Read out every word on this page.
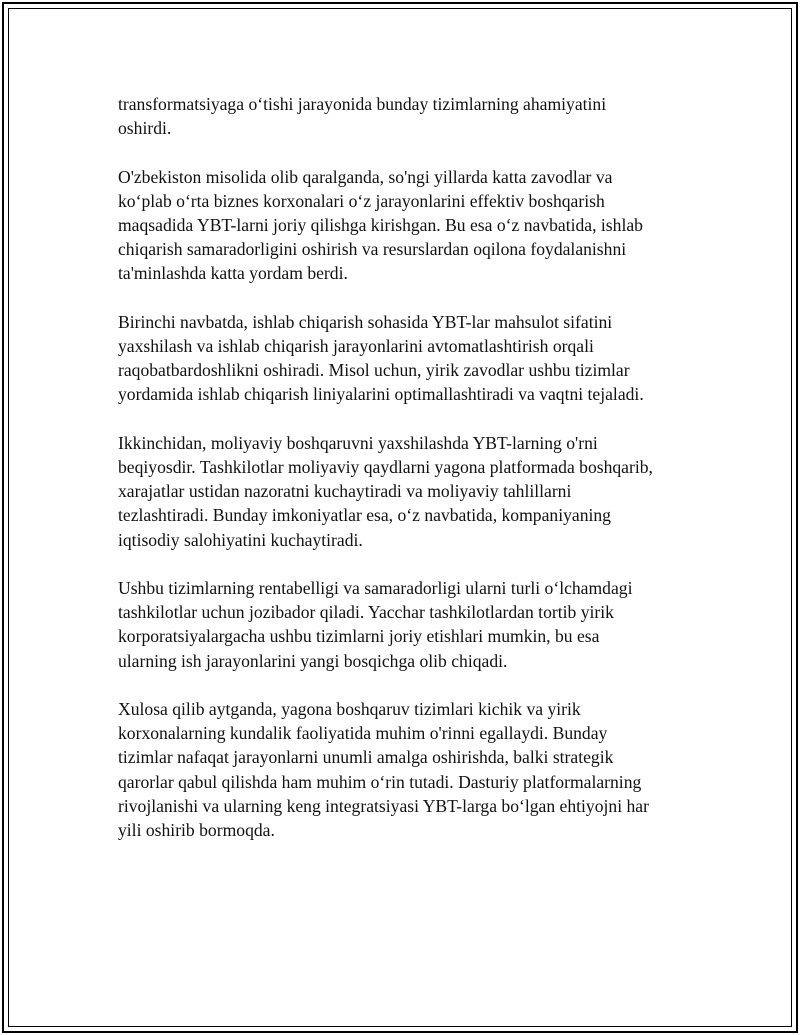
transformatsiyaga o‘tishi jarayonida bunday tizimlarning ahamiyatini
oshirdi.

O'zbekiston misolida olib qaralganda, so'ngi yillarda katta zavodlar va
ko‘plab o‘rta biznes korxonalari o‘z jarayonlarini effektiv boshqarish
maqsadida YBT-larni joriy qilishga kirishgan. Bu esa o‘z navbatida, ishlab
chiqarish samaradorligini oshirish va resurslardan oqilona foydalanishni
ta'minlashda katta yordam berdi.

Birinchi navbatda, ishlab chiqarish sohasida YBT-lar mahsulot sifatini
yaxshilash va ishlab chiqarish jarayonlarini avtomatlashtirish orqali
raqobatbardoshlikni oshiradi. Misol uchun, yirik zavodlar ushbu tizimlar
yordamida ishlab chiqarish liniyalarini optimallashtiradi va vaqtni tejaladi.

Ikkinchidan, moliyaviy boshqaruvni yaxshilashda YBT-larning o'rni
beqiyosdir. Tashkilotlar moliyaviy qaydlarni yagona platformada boshqarib,
xarajatlar ustidan nazoratni kuchaytiradi va moliyaviy tahlillarni
tezlashtiradi. Bunday imkoniyatlar esa, o‘z navbatida, kompaniyaning
iqtisodiy salohiyatini kuchaytiradi.

Ushbu tizimlarning rentabelligi va samaradorligi ularni turli o‘lchamdagi
tashkilotlar uchun jozibador qiladi. Yacchar tashkilotlardan tortib yirik
korporatsiyalargacha ushbu tizimlarni joriy etishlari mumkin, bu esa
ularning ish jarayonlarini yangi bosqichga olib chiqadi.

Xulosa qilib aytganda, yagona boshqaruv tizimlari kichik va yirik
korxonalarning kundalik faoliyatida muhim o'rinni egallaydi. Bunday
tizimlar nafaqat jarayonlarni unumli amalga oshirishda, balki strategik
qarorlar qabul qilishda ham muhim o‘rin tutadi. Dasturiy platformalarning
rivojlanishi va ularning keng integratsiyasi YBT-larga bo‘lgan ehtiyojni har
yili oshirib bormoqda.
